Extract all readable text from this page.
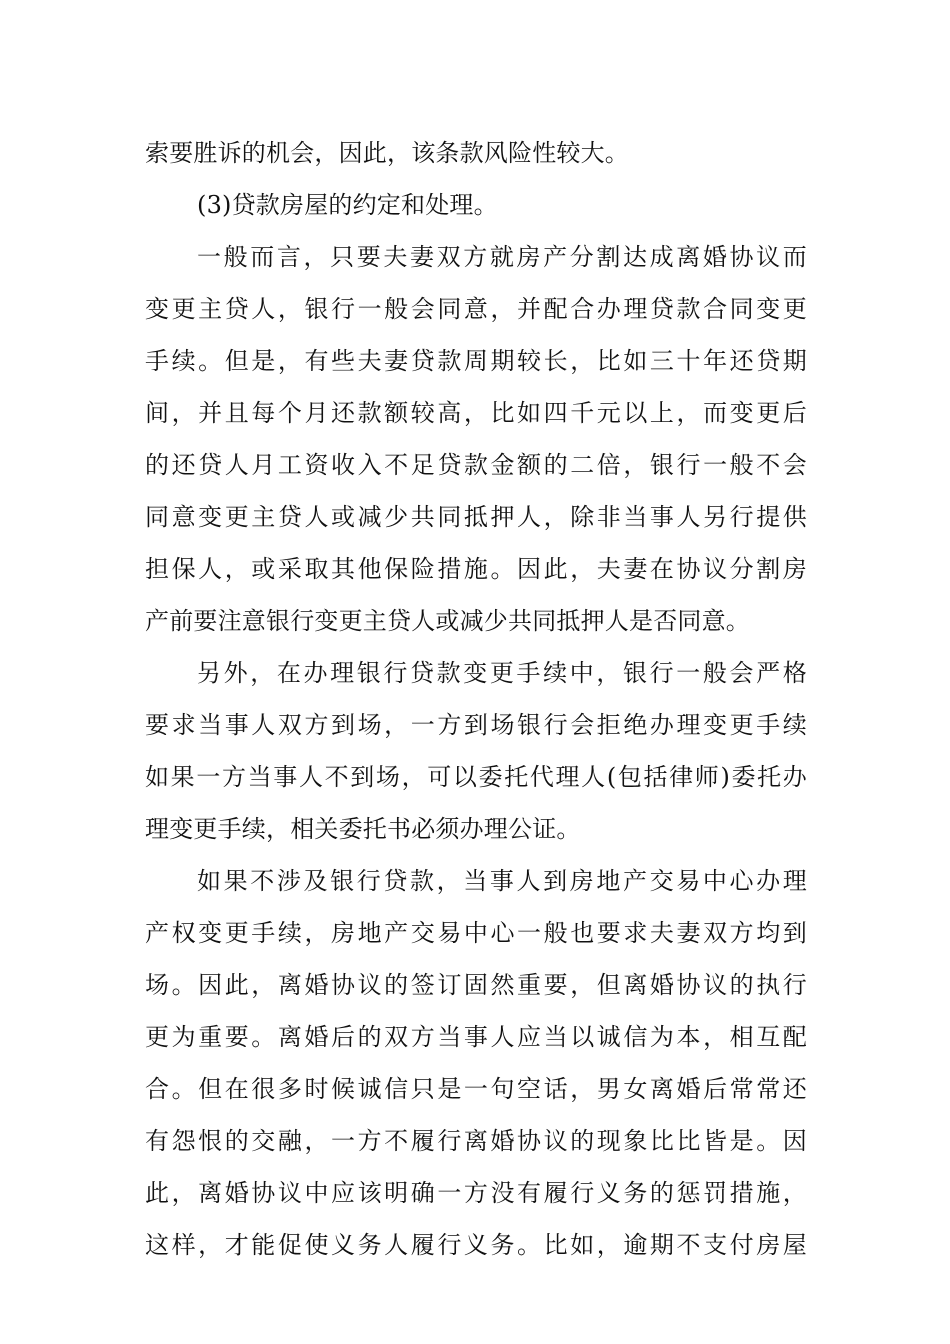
索要胜诉的机会，因此，该条款风险性较大。
(3)贷款房屋的约定和处理。
一般而言，只要夫妻双方就房产分割达成离婚协议而
变更主贷人，银行一般会同意，并配合办理贷款合同变更
手续。但是，有些夫妻贷款周期较长，比如三十年还贷期
间，并且每个月还款额较高，比如四千元以上，而变更后
的还贷人月工资收入不足贷款金额的二倍，银行一般不会
同意变更主贷人或减少共同抵押人，除非当事人另行提供
担保人，或采取其他保险措施。因此，夫妻在协议分割房
产前要注意银行变更主贷人或减少共同抵押人是否同意。
另外，在办理银行贷款变更手续中，银行一般会严格
要求当事人双方到场，一方到场银行会拒绝办理变更手续
如果一方当事人不到场，可以委托代理人(包括律师)委托办
理变更手续，相关委托书必须办理公证。
如果不涉及银行贷款，当事人到房地产交易中心办理
产权变更手续，房地产交易中心一般也要求夫妻双方均到
场。因此，离婚协议的签订固然重要，但离婚协议的执行
更为重要。离婚后的双方当事人应当以诚信为本，相互配
合。但在很多时候诚信只是一句空话，男女离婚后常常还
有怨恨的交融，一方不履行离婚协议的现象比比皆是。因
此，离婚协议中应该明确一方没有履行义务的惩罚措施，
这样，才能促使义务人履行义务。比如，逾期不支付房屋
